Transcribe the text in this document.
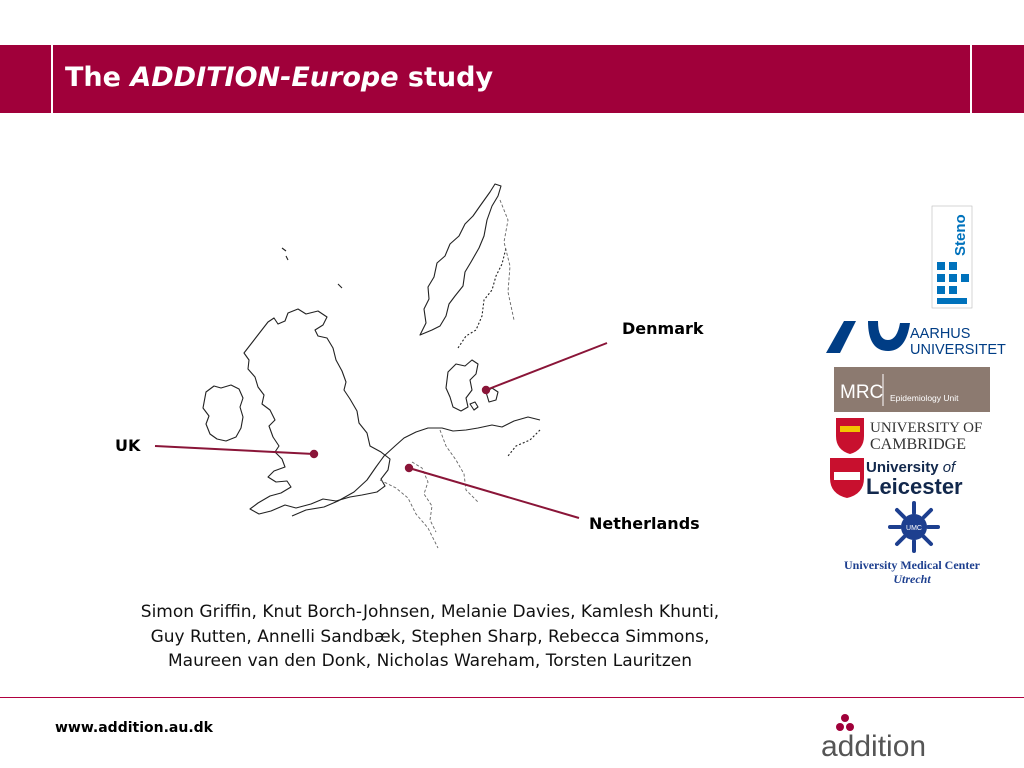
The ADDITION-Europe study
Denmark
UK
Netherlands
Steno
AARHUS
UNIVERSITET
MRC Epidemiology Unit
UNIVERSITY OF
CAMBRIDGE
University of
Leicester
UMC
University Medical Center
Utrecht
Simon Griffin, Knut Borch-Johnsen, Melanie Davies, Kamlesh Khunti,
Guy Rutten, Annelli Sandbæk, Stephen Sharp, Rebecca Simmons,
Maureen van den Donk, Nicholas Wareham, Torsten Lauritzen
www.addition.au.dk
addition
